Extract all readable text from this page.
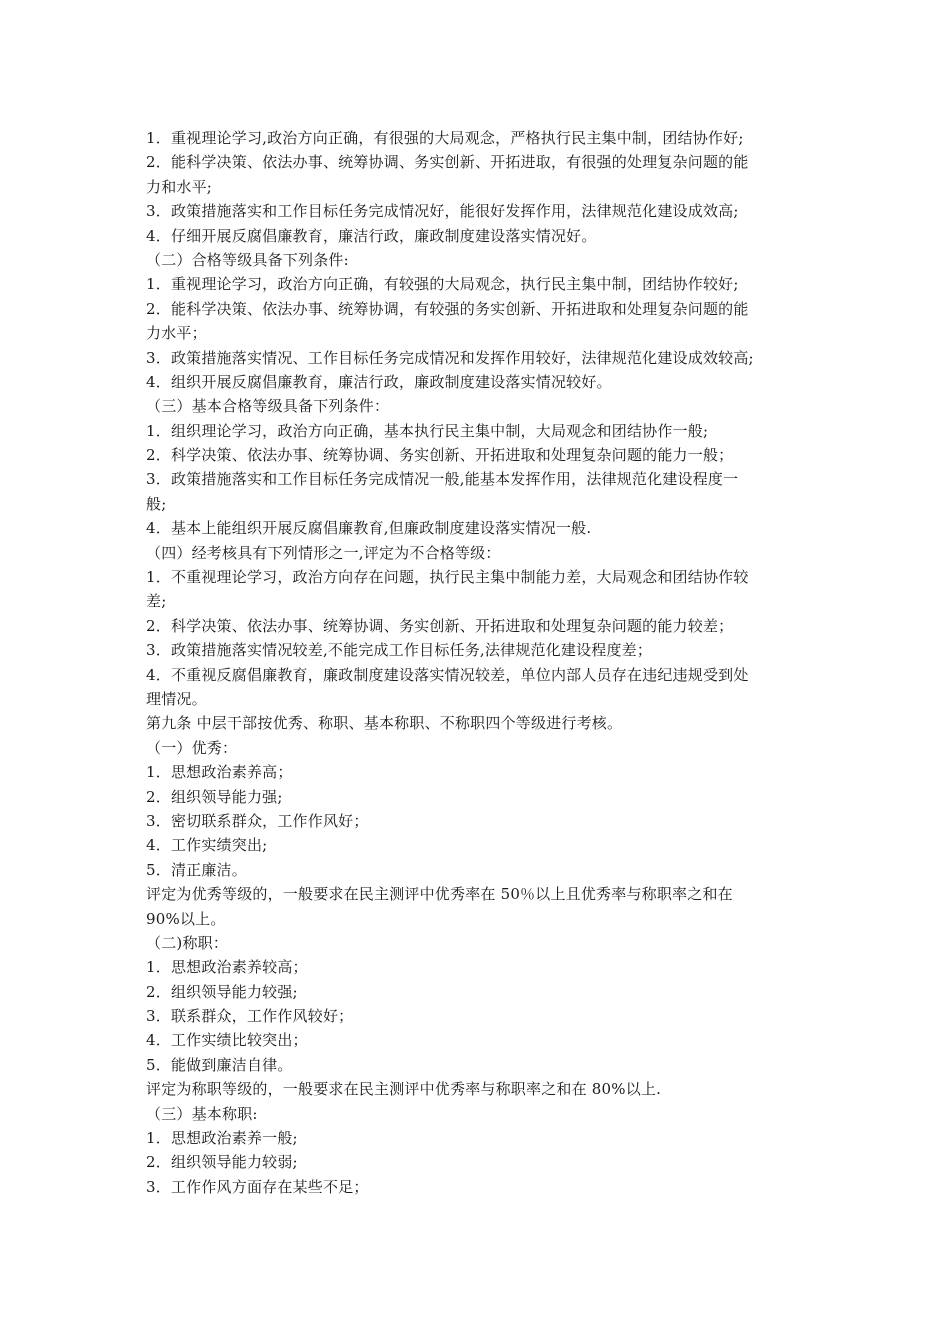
1．重视理论学习,政治方向正确，有很强的大局观念，严格执行民主集中制，团结协作好;
2．能科学决策、依法办事、统筹协调、务实创新、开拓进取，有很强的处理复杂问题的能
力和水平;
3．政策措施落实和工作目标任务完成情况好，能很好发挥作用，法律规范化建设成效高;
4．仔细开展反腐倡廉教育，廉洁行政，廉政制度建设落实情况好。
（二）合格等级具备下列条件:
1．重视理论学习，政治方向正确，有较强的大局观念，执行民主集中制，团结协作较好;
2．能科学决策、依法办事、统筹协调，有较强的务实创新、开拓进取和处理复杂问题的能
力水平；
3．政策措施落实情况、工作目标任务完成情况和发挥作用较好，法律规范化建设成效较高;
4．组织开展反腐倡廉教育，廉洁行政，廉政制度建设落实情况较好。
（三）基本合格等级具备下列条件：
1．组织理论学习，政治方向正确，基本执行民主集中制，大局观念和团结协作一般;
2．科学决策、依法办事、统筹协调、务实创新、开拓进取和处理复杂问题的能力一般；
3．政策措施落实和工作目标任务完成情况一般,能基本发挥作用，法律规范化建设程度一
般;
4．基本上能组织开展反腐倡廉教育,但廉政制度建设落实情况一般.
（四）经考核具有下列情形之一,评定为不合格等级：
1．不重视理论学习，政治方向存在问题，执行民主集中制能力差，大局观念和团结协作较
差;
2．科学决策、依法办事、统筹协调、务实创新、开拓进取和处理复杂问题的能力较差；
3．政策措施落实情况较差,不能完成工作目标任务,法律规范化建设程度差；
4．不重视反腐倡廉教育，廉政制度建设落实情况较差，单位内部人员存在违纪违规受到处
理情况。
第九条 中层干部按优秀、称职、基本称职、不称职四个等级进行考核。
（一）优秀：
1．思想政治素养高；
2．组织领导能力强;
3．密切联系群众，工作作风好；
4．工作实绩突出;
5．清正廉洁。
评定为优秀等级的，一般要求在民主测评中优秀率在 50％以上且优秀率与称职率之和在
90%以上。
（二)称职：
1．思想政治素养较高；
2．组织领导能力较强;
3．联系群众，工作作风较好；
4．工作实绩比较突出；
5．能做到廉洁自律。
评定为称职等级的，一般要求在民主测评中优秀率与称职率之和在 80%以上.
（三）基本称职:
1．思想政治素养一般;
2．组织领导能力较弱;
3．工作作风方面存在某些不足；
